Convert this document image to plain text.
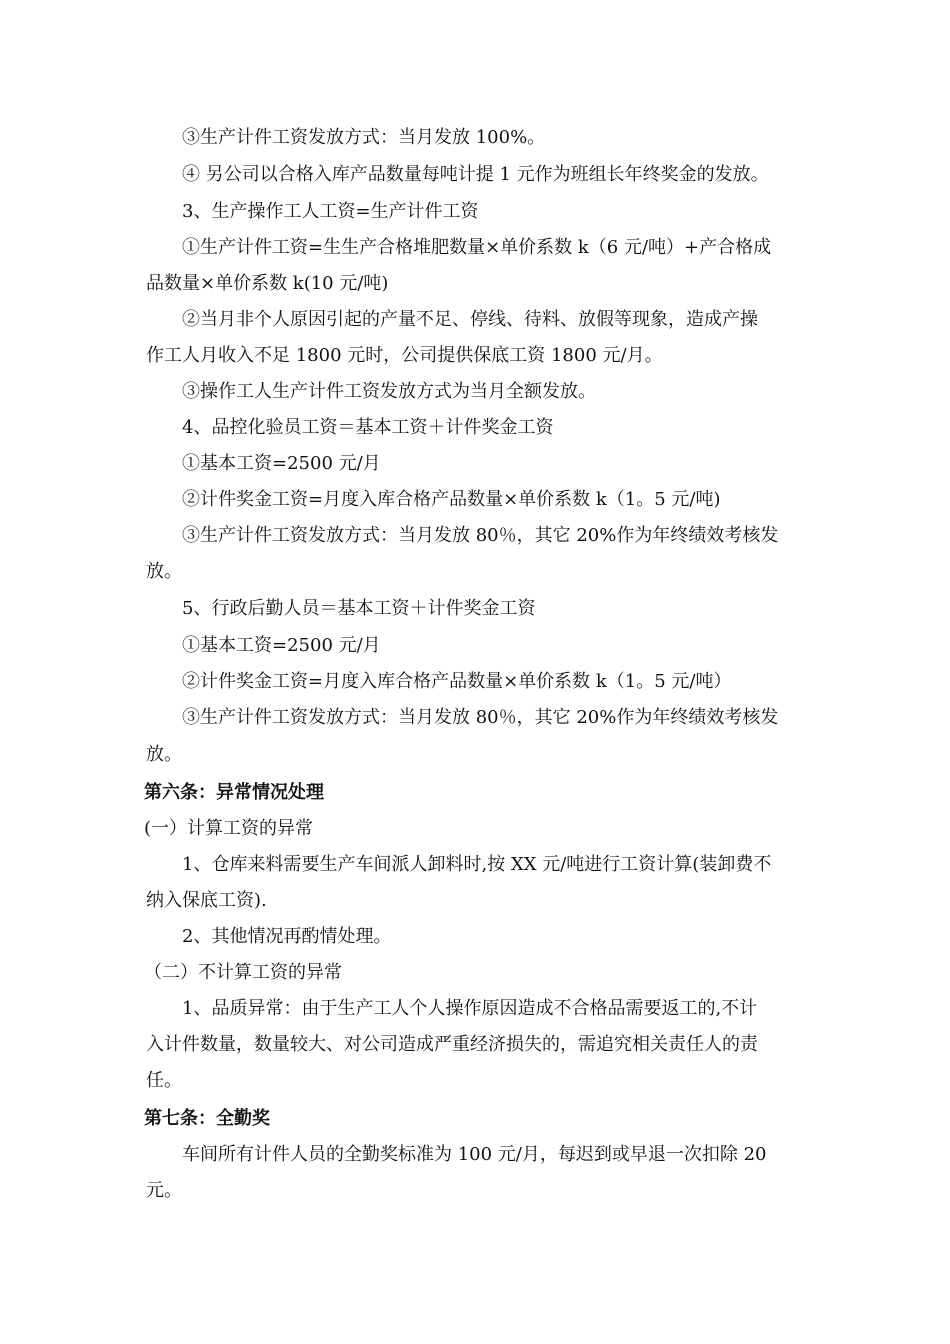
③生产计件工资发放方式：当月发放 100%。
④ 另公司以合格入库产品数量每吨计提 1 元作为班组长年终奖金的发放。
3、生产操作工人工资=生产计件工资
①生产计件工资=生生产合格堆肥数量×单价系数 k（6 元/吨）+产合格成
品数量×单价系数 k(10 元/吨)
②当月非个人原因引起的产量不足、停线、待料、放假等现象，造成产操
作工人月收入不足 1800 元时，公司提供保底工资 1800 元/月。
③操作工人生产计件工资发放方式为当月全额发放。
4、品控化验员工资＝基本工资＋计件奖金工资
①基本工资=2500 元/月
②计件奖金工资=月度入库合格产品数量×单价系数 k（1。5 元/吨)
③生产计件工资发放方式：当月发放 80％，其它 20%作为年终绩效考核发
放。
5、行政后勤人员＝基本工资＋计件奖金工资
①基本工资=2500 元/月
②计件奖金工资=月度入库合格产品数量×单价系数 k（1。5 元/吨）
③生产计件工资发放方式：当月发放 80％，其它 20%作为年终绩效考核发
放。
第六条：异常情况处理
(一）计算工资的异常
1、仓库来料需要生产车间派人卸料时,按 XX 元/吨进行工资计算(装卸费不
纳入保底工资).
2、其他情况再酌情处理。
（二）不计算工资的异常
1、品质异常：由于生产工人个人操作原因造成不合格品需要返工的,不计
入计件数量，数量较大、对公司造成严重经济损失的，需追究相关责任人的责
任。
第七条：全勤奖
车间所有计件人员的全勤奖标准为 100 元/月，每迟到或早退一次扣除 20
元。
